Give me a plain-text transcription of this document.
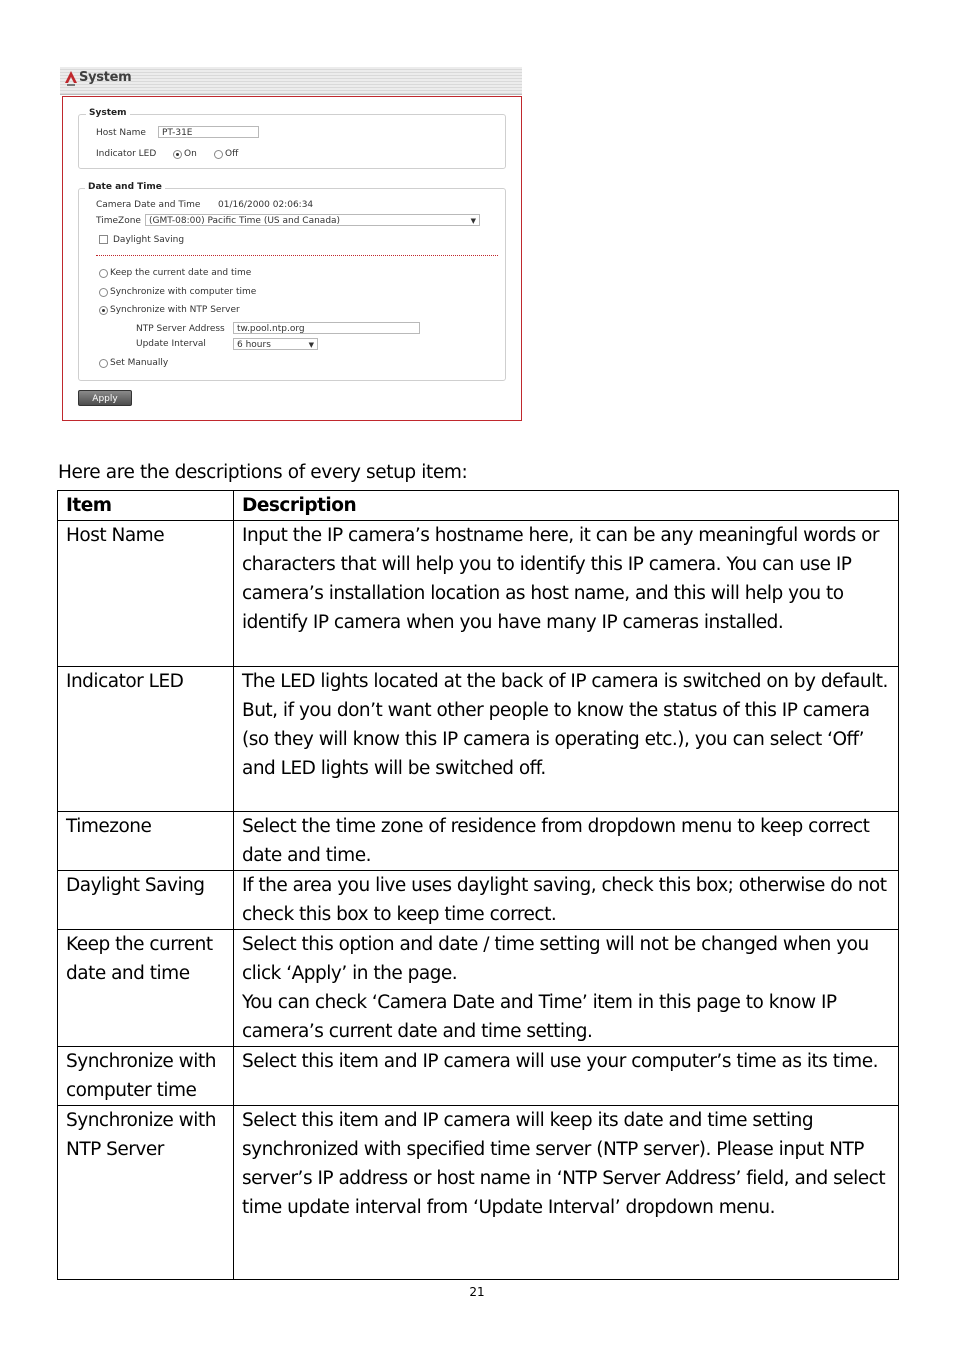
System
System
Host Name	PT-31E
Indicator LED	On	Off
Date and Time
Camera Date and Time 01/16/2000 02:06:34
TimeZone (GMT-08:00) Pacific Time (US and Canada)	▼
Daylight Saving
Keep the current date and time
Synchronize with computer time
Synchronize with NTP Server
NTP Server Address	tw.pool.ntp.org
Update Interval	6 hours	▼
Set Manually
Apply
Here are the descriptions of every setup item:
Item	Description
Host Name	Input the IP camera’s hostname here, it can be any meaningful words or characters that will help you to identify this IP camera. You can use IP camera’s installation location as host name, and this will help you to identify IP camera when you have many IP cameras installed.

Indicator LED	The LED lights located at the back of IP camera is switched on by default. But, if you don’t want other people to know the status of this IP camera (so they will know this IP camera is operating etc.), you can select ‘Off’ and LED lights will be switched off.

Timezone	Select the time zone of residence from dropdown menu to keep correct date and time.

Daylight Saving	If the area you live uses daylight saving, check this box; otherwise do not check this box to keep time correct.

Keep the current date and time	Select this option and date / time setting will not be changed when you click ‘Apply’ in the page.
You can check ‘Camera Date and Time’ item in this page to know IP camera’s current date and time setting.

Synchronize with computer time	Select this item and IP camera will use your computer’s time as its time.

Synchronize with NTP Server	Select this item and IP camera will keep its date and time setting synchronized with specified time server (NTP server). Please input NTP server’s IP address or host name in ‘NTP Server Address’ field, and select time update interval from ‘Update Interval’ dropdown menu.
21
